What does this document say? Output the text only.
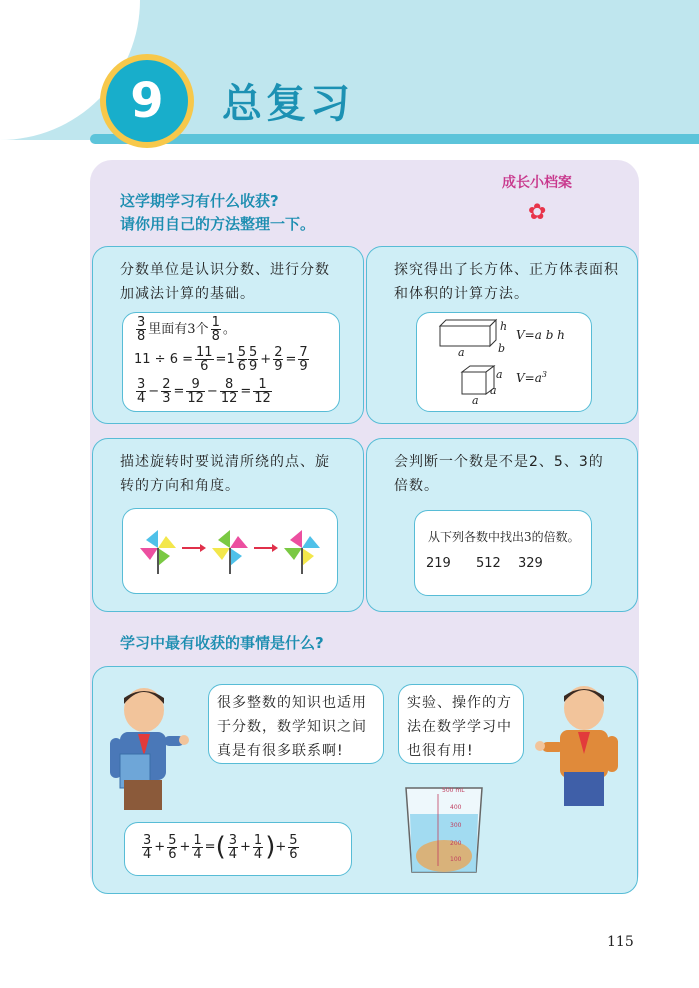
9	总复习
这学期学习有什么收获?
请你用自己的方法整理一下。
成长小档案
✿
分数单位是认识分数、进行分数
加减法计算的基础。
$\frac{3}{8}$ 里面有3个 $\frac{1}{8}$ 。
$11 \div 6 = \frac{11}{6} =1 \frac{5}{6} \frac{5}{9} + \frac{2}{9} = \frac{7}{9}$
$\frac{3}{4} - \frac{2}{3} = \frac{9}{12} - \frac{8}{12} = \frac{1}{12}$
探究得出了长方体、正方体表面积
和体积的计算方法。
h
b
a
V=a b h
a
a
a
$V=a^3$
描述旋转时要说清所绕的点、旋
转的方向和角度。
会判断一个数是不是2、5、3的
倍数。
从下列各数中找出3的倍数。
219 512 329
学习中最有收获的事情是什么?
很多整数的知识也适用
于分数，数学知识之间
真是有很多联系啊!
实验、操作的方
法在数学学习中
也很有用!
500 mL
400
300
200
100
$\frac{3}{4} + \frac{5}{6} + \frac{1}{4}$ =( $\frac{3}{4} + \frac{1}{4}$ )+ $\frac{5}{6}$
115
